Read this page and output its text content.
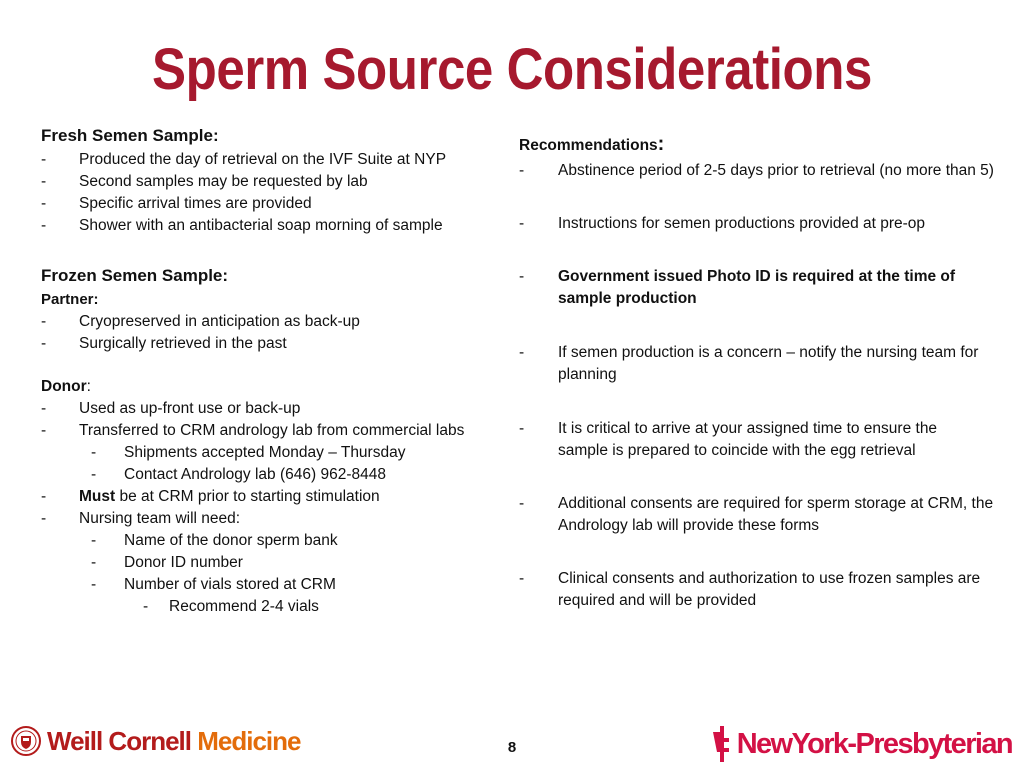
Sperm Source Considerations
Fresh Semen Sample:
- Produced the day of retrieval on the IVF Suite at NYP
- Second samples may be requested by lab
- Specific arrival times are provided
- Shower with an antibacterial soap morning of sample
Frozen Semen Sample:
Partner:
- Cryopreserved in anticipation as back-up
- Surgically retrieved in the past
Donor:
- Used as up-front use or back-up
- Transferred to CRM andrology lab from commercial labs
- Shipments accepted Monday – Thursday
- Contact Andrology lab (646) 962-8448
- Must be at CRM prior to starting stimulation
- Nursing team will need:
- Name of the donor sperm bank
- Donor ID number
- Number of vials stored at CRM
- Recommend 2-4 vials
Recommendations:
- Abstinence period of 2-5 days prior to retrieval (no more than 5)
- Instructions for semen productions provided at pre-op
- Government issued Photo ID is required at the time of sample production
- If semen production is a concern – notify the nursing team for planning
- It is critical to arrive at your assigned time to ensure the sample is prepared to coincide with the egg retrieval
- Additional consents are required for sperm storage at CRM, the Andrology lab will provide these forms
- Clinical consents and authorization to use frozen samples are required and will be provided
Weill Cornell Medicine	8	NewYork-Presbyterian
